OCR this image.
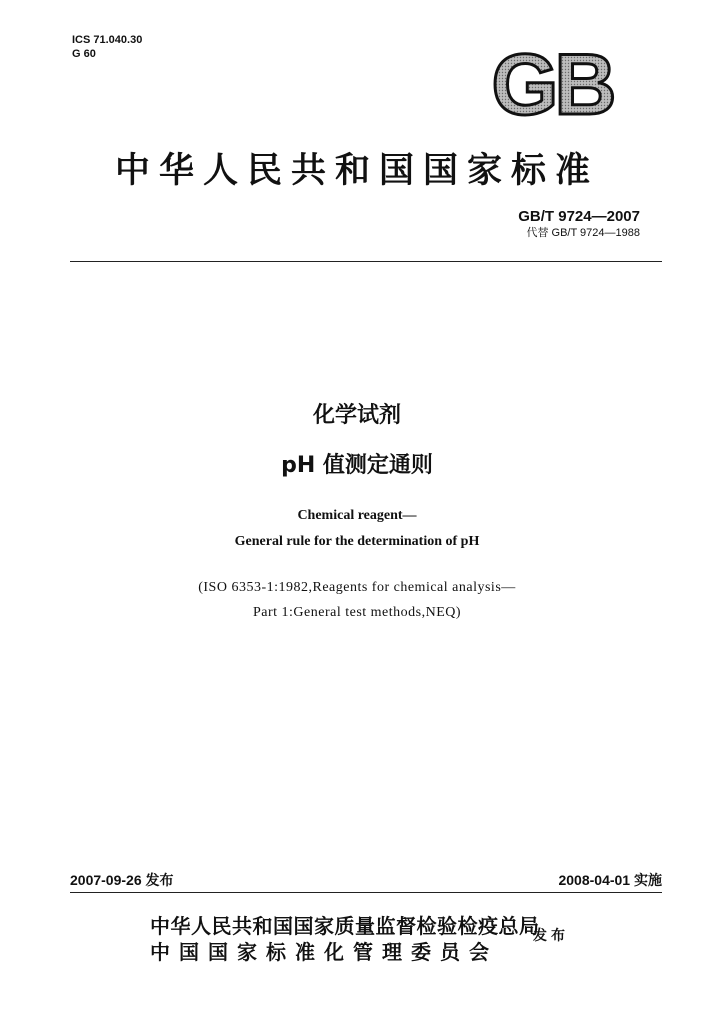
ICS 71.040.30
G 60	GB
中华人民共和国国家标准
GB/T 9724—2007
代替 GB/T 9724—1988
化学试剂
pH 值测定通则
Chemical reagent—
General rule for the determination of pH
(ISO 6353-1:1982,Reagents for chemical analysis—
Part 1:General test methods,NEQ)
2007-09-26 发布	2008-04-01 实施
中华人民共和国国家质量监督检验检疫总局
中国国家标准化管理委员会
发布
